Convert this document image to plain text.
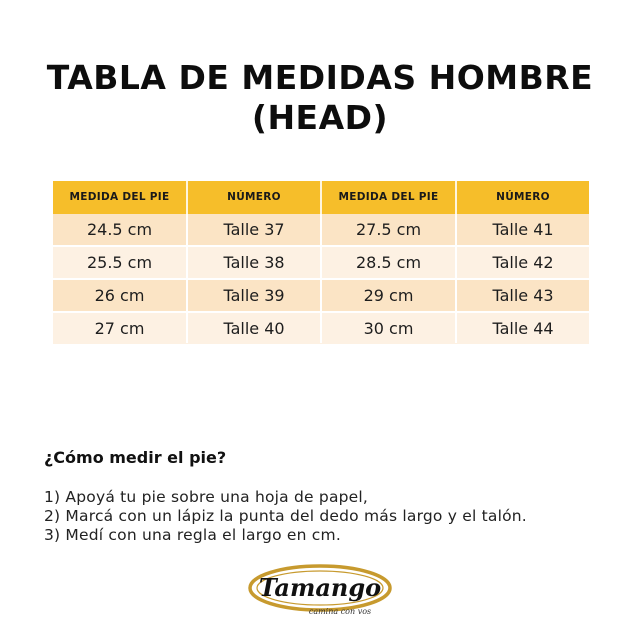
TABLA DE MEDIDAS HOMBRE
(HEAD)
MEDIDA DEL PIE	NÚMERO	MEDIDA DEL PIE	NÚMERO
24.5 cm	Talle 37	27.5 cm	Talle 41
25.5 cm	Talle 38	28.5 cm	Talle 42
26 cm	Talle 39	29 cm	Talle 43
27 cm	Talle 40	30 cm	Talle 44
¿Cómo medir el pie?
1) Apoyá tu pie sobre una hoja de papel,
2) Marcá con un lápiz la punta del dedo más largo y el talón.
3) Medí con una regla el largo en cm.
Tamango
camina con vos
